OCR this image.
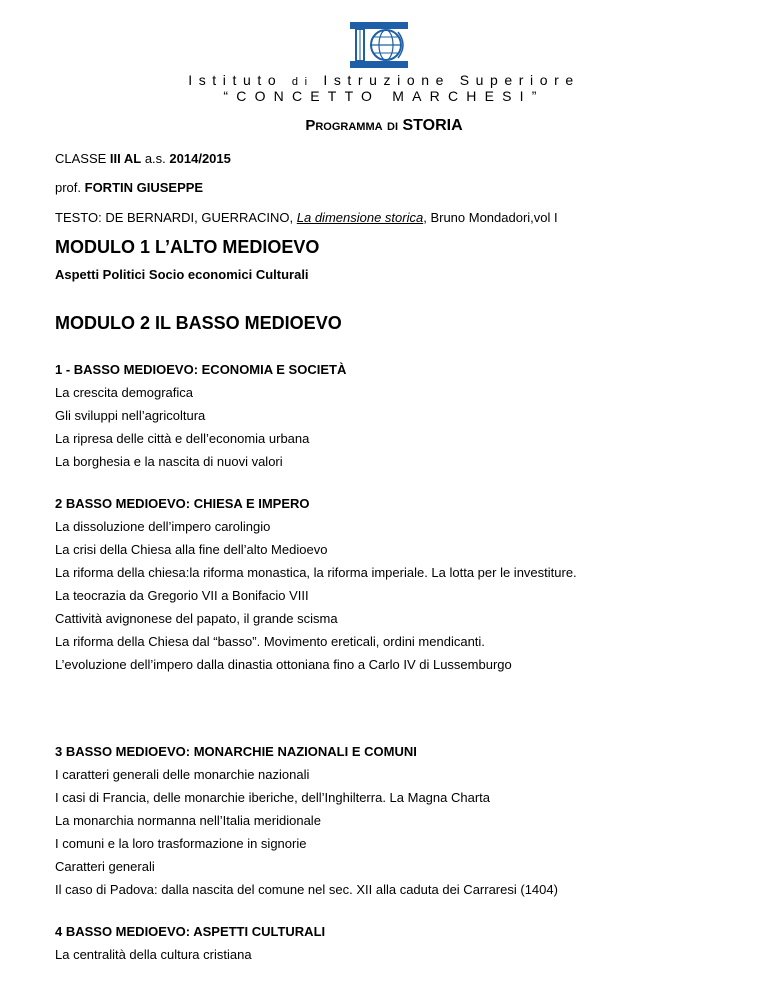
Istituto di Istruzione Superiore
“CONCETTO MARCHESI”
PROGRAMMA DI STORIA
CLASSE III AL a.s. 2014/2015
prof. FORTIN GIUSEPPE
TESTO: DE BERNARDI, GUERRACINO, La dimensione storica, Bruno Mondadori,vol I
MODULO 1 L’ALTO MEDIOEVO
Aspetti Politici Socio economici Culturali
MODULO 2 IL BASSO MEDIOEVO
1 - BASSO MEDIOEVO: ECONOMIA E SOCIETÀ
La crescita demografica
Gli sviluppi nell’agricoltura
La ripresa delle città e dell’economia urbana
La borghesia e la nascita di nuovi valori
2 BASSO MEDIOEVO: CHIESA E IMPERO
La dissoluzione dell’impero carolingio
La crisi della Chiesa alla fine dell’alto Medioevo
La riforma della chiesa:la riforma monastica, la riforma imperiale. La lotta per le investiture.
La teocrazia da Gregorio VII a Bonifacio VIII
Cattività avignonese del papato, il grande scisma
La riforma della Chiesa dal “basso”. Movimento ereticali, ordini mendicanti.
L’evoluzione dell’impero dalla dinastia ottoniana fino a Carlo IV di Lussemburgo
3 BASSO MEDIOEVO: MONARCHIE NAZIONALI E COMUNI
I caratteri generali delle monarchie nazionali
I casi di Francia, delle monarchie iberiche, dell’Inghilterra. La Magna Charta
La monarchia normanna nell’Italia meridionale
I comuni e la loro trasformazione in signorie
Caratteri generali
Il caso di Padova: dalla nascita del comune nel sec. XII alla caduta dei Carraresi (1404)
4 BASSO MEDIOEVO: ASPETTI CULTURALI
La centralità della cultura cristiana
